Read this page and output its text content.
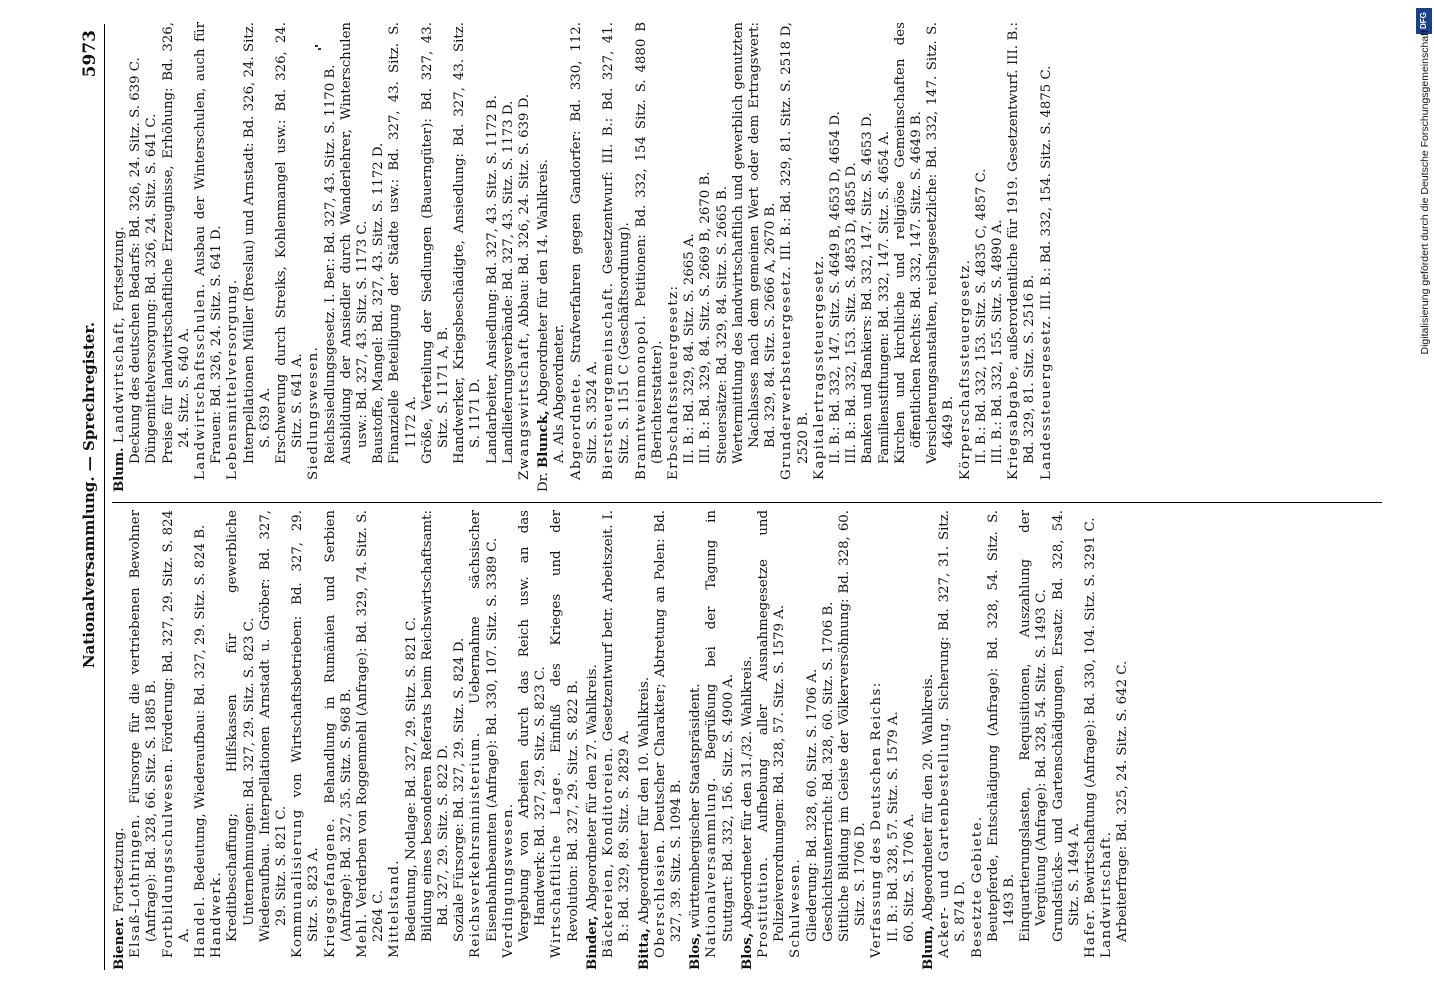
Nationalversammlung. — Sprechregister.
5973

Biener. Fortsetzung. Elsaß-Lothringen. Fürsorge für die vertriebenen Bewohner (Anfrage): Bd. 328, 66. Sitz. S. 1885 B. Fortbildungsschulwesen. Förderung: Bd. 327, 29. Sitz. S. 824 A. Handel. Bedeutung, Wiederaufbau: Bd. 327, 29. Sitz. S. 824 B.

Handwerk. Kreditbeschaffung; Hilfskassen für gewerbliche Unternehmungen: Bd. 327, 29. Sitz. S. 823 C. Wiederaufbau. Interpellationen Arnstadt u. Gröber: Bd. 327, 29. Sitz. S. 821 C. Kommunalisierung von Wirtschaftsbetrieben: Bd. 327, 29. Sitz. S. 823 A. Kriegsgefangene. Behandlung in Rumänien und Serbien (Anfrage): Bd. 327, 35. Sitz. S. 968 B. Mehl. Verderben von Roggenmehl (Anfrage): Bd. 329, 74. Sitz. S. 2264 C. Mittelstand. Bedeutung, Notlage: Bd. 327, 29. Sitz. S. 821 C. Bildung eines besonderen Referats beim Reichswirtschaftsamt: Bd. 327, 29. Sitz. S. 822 D. Soziale Fürsorge: Bd. 327, 29. Sitz. S. 824 D. Reichsverkehrsministerium. Uebernahme sächsischer Eisenbahnbeamten (Anfrage): Bd. 330, 107. Sitz. S. 3389 C. Verdingungswesen. Vergebung von Arbeiten durch das Reich usw. an das Handwerk: Bd. 327, 29. Sitz. S. 823 C. Wirtschaftliche Lage. Einfluß des Krieges und der Revolution: Bd. 327, 29. Sitz. S. 822 B.

Binder, Abgeordneter für den 27. Wahlkreis. Bäckereien, Konditoreien. Gesetzentwurf betr. Arbeitszeit. I. B.: Bd. 329, 89. Sitz. S. 2829 A.

Bitta, Abgeordneter für den 10. Wahlkreis. Oberschlesien. Deutscher Charakter; Abtretung an Polen: Bd. 327, 39. Sitz. S. 1094 B.

Blos, württembergischer Staatspräsident. Nationalversammlung. Begrüßung bei der Tagung in Stuttgart: Bd. 332, 156. Sitz. S. 4900 A.

Blos, Abgeordneter für den 31./32. Wahlkreis. Prostitution. Aufhebung aller Ausnahmegesetze und Polizeiverordnungen: Bd. 328, 57. Sitz. S. 1579 A. Schulwesen. Gliederung: Bd. 328, 60. Sitz. S. 1706 A. Geschichtsunterricht: Bd. 328, 60. Sitz. S. 1706 B. Sittliche Bildung im Geiste der Völkerversöhnung: Bd. 328, 60. Sitz. S. 1706 D. Verfassung des Deutschen Reichs: II. B.: Bd. 328, 57. Sitz. S. 1579 A. 60. Sitz. S. 1706 A.

Blum, Abgeordneter für den 20. Wahlkreis. Acker- und Gartenbestellung. Sicherung: Bd. 327, 31. Sitz. S. 874 D. Besetzte Gebiete. Beutepferde, Entschädigung (Anfrage): Bd. 328, 54. Sitz. S. 1493 B. Einquartierungslasten, Requisitionen, Auszahlung der Vergütung (Anfrage): Bd. 328, 54. Sitz. S. 1493 C. Grundstücks- und Gartenschädigungen, Ersatz: Bd. 328, 54. Sitz. S. 1494 A.

Hafer. Bewirtschaftung (Anfrage): Bd. 330, 104. Sitz. S. 3291 C. Landwirtschaft. Arbeiterfrage: Bd. 325, 24. Sitz. S. 642 C.

Blum. Landwirtschaft, Fortsetzung. Deckung des deutschen Bedarfs: Bd. 326, 24. Sitz. S. 639 C. Düngemittelversorgung: Bd. 326, 24. Sitz. S. 641 C. Preise für landwirtschaftliche Erzeugnisse, Erhöhung: Bd. 326, 24. Sitz. S. 640 A. Landwirtschaftsschulen. Ausbau der Winterschulen, auch für Frauen: Bd. 326, 24. Sitz. S. 641 D. Lebensmittelversorgung. Interpellationen Müller (Breslau) und Arnstadt: Bd. 326, 24. Sitz. S. 639 A. Erschwerung durch Streiks, Kohlenmangel usw.: Bd. 326, 24. Sitz. S. 641 A. Siedlungswesen. Reichssiedlungsgesetz. I. Ber.: Bd. 327, 43. Sitz. S. 1170 B. Ausbildung der Ansiedler durch Wanderlehrer, Winterschulen usw.: Bd. 327, 43. Sitz. S. 1173 C. Baustoffe, Mangel: Bd. 327, 43. Sitz. S. 1172 D. Finanzielle Beteiligung der Städte usw.: Bd. 327, 43. Sitz. S. 1172 A. Größe, Verteilung der Siedlungen (Bauerngüter): Bd. 327, 43. Sitz. S. 1171 A, B. Handwerker, Kriegsbeschädigte, Ansiedlung: Bd. 327, 43. Sitz. S. 1171 D. Landarbeiter, Ansiedlung: Bd. 327, 43. Sitz. S. 1172 B. Landlieferungsverbände: Bd. 327, 43. Sitz. S. 1173 D. Zwangswirtschaft, Abbau: Bd. 326, 24. Sitz. S. 639 D.

Dr. Blunck, Abgeordneter für den 14. Wahlkreis. A. Als Abgeordneter. Abgeordnete. Strafverfahren gegen Gandorfer: Bd. 330, 112. Sitz. S. 3524 A. Biersteuergemeinschaft. Gesetzentwurf: III. B.: Bd. 327, 41. Sitz. S. 1151 C (Geschäftsordnung). Branntweinmonopol. Petitionen: Bd. 332, 154 Sitz. S. 4880 B (Berichterstatter). Erbschaftssteuergesetz: II. B.: Bd. 329, 84. Sitz. S. 2665 A. III. B.: Bd. 329, 84. Sitz. S. 2669 B, 2670 B. Steuersätze: Bd. 329, 84. Sitz. S. 2665 B. Wertermittlung des landwirtschaftlich und gewerblich genutzten Nachlasses nach dem gemeinen Wert oder dem Ertragswert: Bd. 329, 84. Sitz. S. 2666 A, 2670 B. Grunderwerbsteuergesetz. III. B.: Bd. 329, 81. Sitz. S. 2518 D, 2520 B. Kapitalertragssteuergesetz. II. B.: Bd. 332, 147. Sitz. S. 4649 B, 4653 D, 4654 D. III. B.: Bd. 332, 153. Sitz. S. 4853 D, 4855 D. Banken und Bankiers: Bd. 332, 147. Sitz. S. 4653 D. Familienstiftungen: Bd. 332, 147. Sitz. S. 4654 A. Kirchen und kirchliche und religiöse Gemeinschaften des öffentlichen Rechts: Bd. 332, 147. Sitz. S. 4649 B. Versicherungsanstalten, reichsgesetzliche: Bd. 332, 147. Sitz. S. 4649 B. Körperschaftssteuergesetz. II. B.: Bd. 332, 153. Sitz. S. 4835 C, 4857 C. III. B.: Bd. 332, 155. Sitz. S. 4890 A. Kriegsabgabe, außerordentliche für 1919. Gesetzentwurf. III. B.: Bd. 329, 81. Sitz. S. 2516 B. Landessteuergesetz. III. B.: Bd. 332, 154. Sitz. S. 4875 C.

DFG
Digitalisierung gefördert durch die Deutsche Forschungsgemeinschaft
